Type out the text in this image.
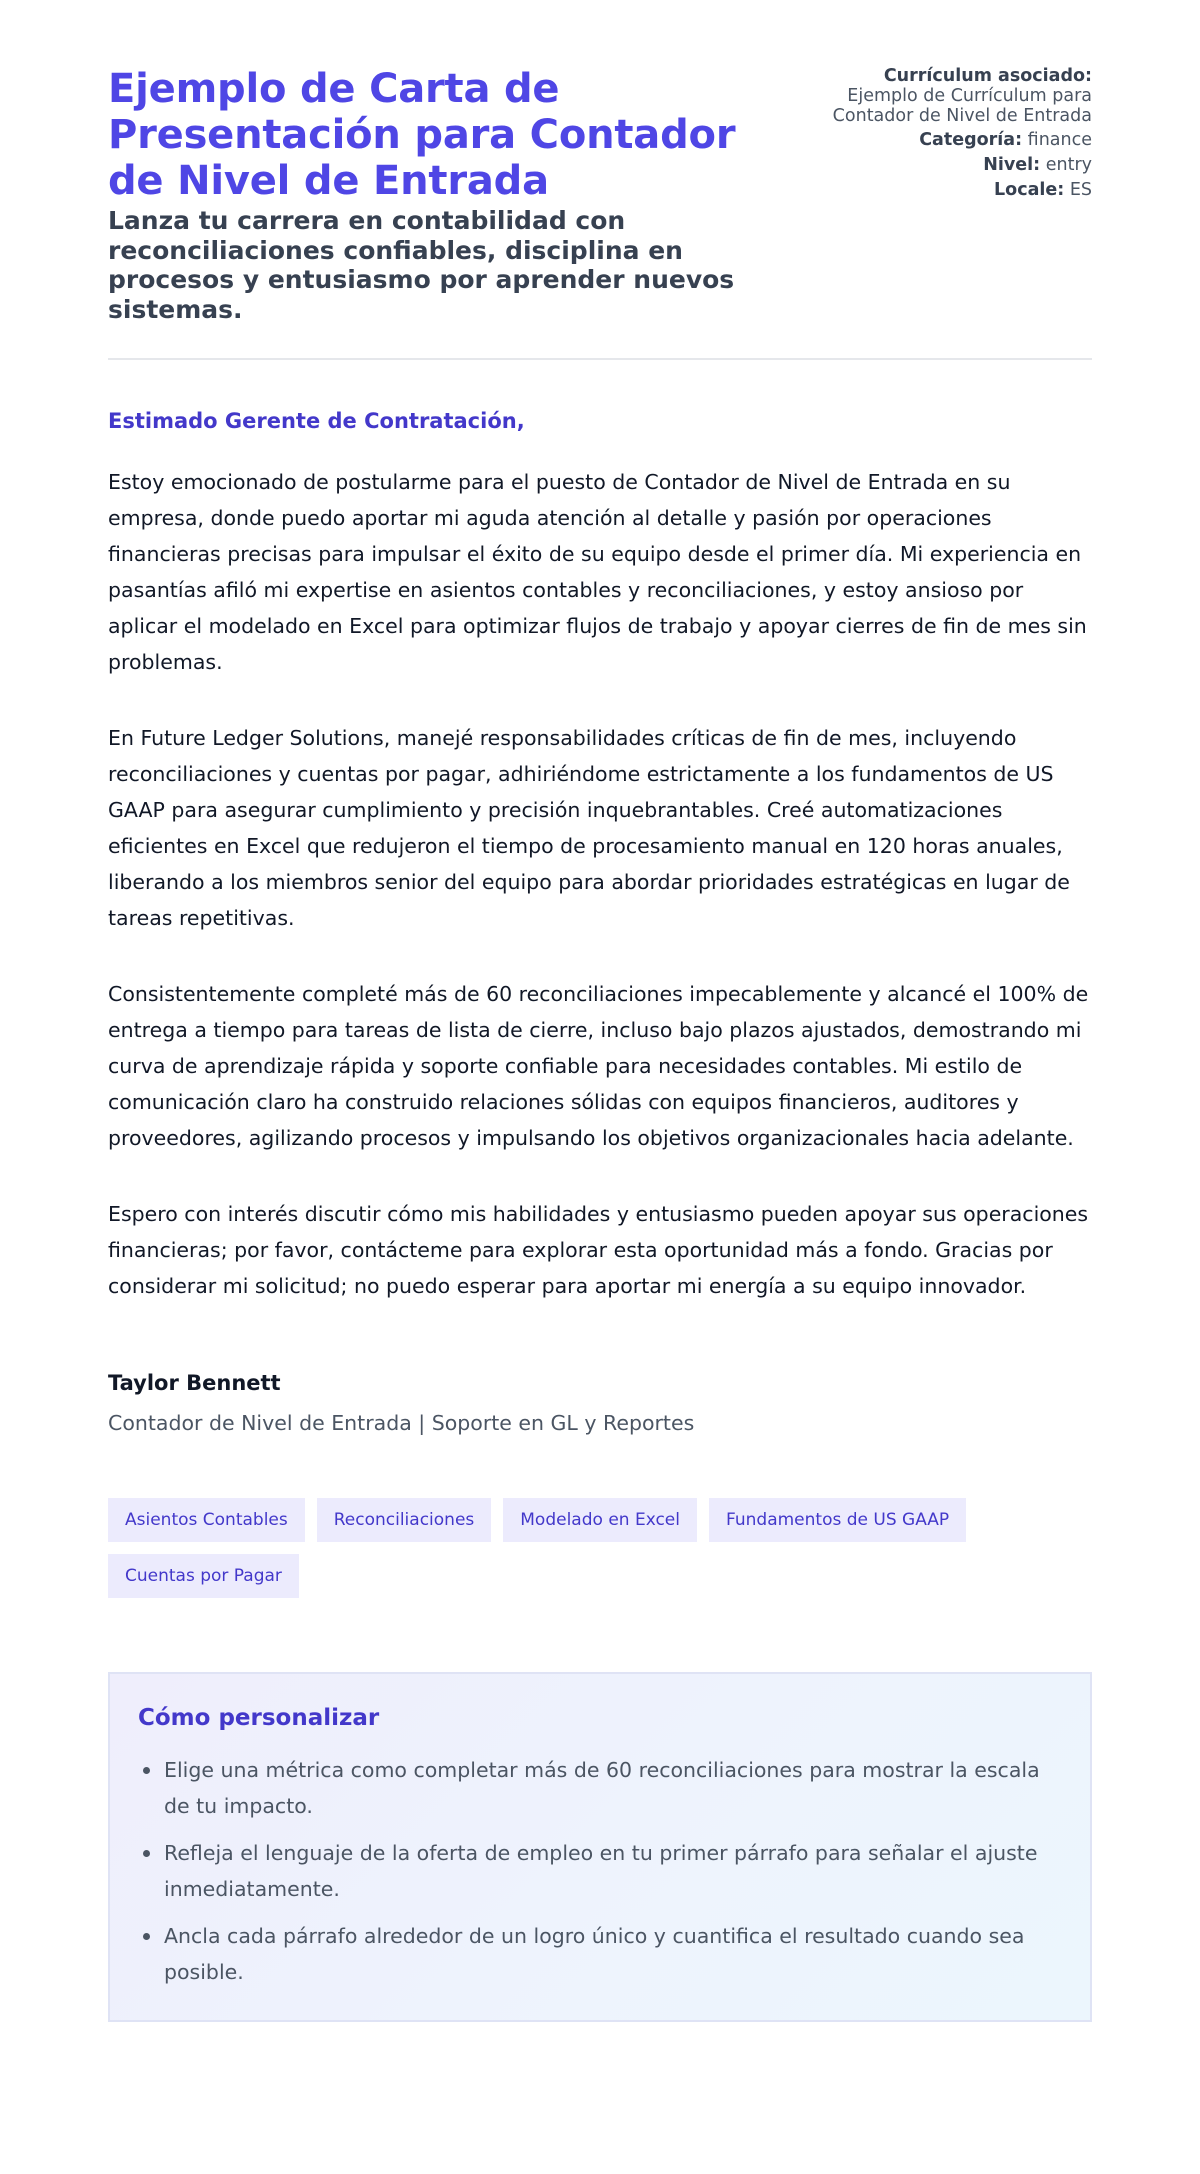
Ejemplo de Carta de Presentación para Contador de Nivel de Entrada
Lanza tu carrera en contabilidad con reconciliaciones confiables, disciplina en procesos y entusiasmo por aprender nuevos sistemas.
Currículum asociado:
Ejemplo de Currículum para Contador de Nivel de Entrada
Categoría: finance
Nivel: entry
Locale: ES
Estimado Gerente de Contratación,

Estoy emocionado de postularme para el puesto de Contador de Nivel de Entrada en su empresa, donde puedo aportar mi aguda atención al detalle y pasión por operaciones financieras precisas para impulsar el éxito de su equipo desde el primer día. Mi experiencia en pasantías afiló mi expertise en asientos contables y reconciliaciones, y estoy ansioso por aplicar el modelado en Excel para optimizar flujos de trabajo y apoyar cierres de fin de mes sin problemas.

En Future Ledger Solutions, manejé responsabilidades críticas de fin de mes, incluyendo reconciliaciones y cuentas por pagar, adhiriéndome estrictamente a los fundamentos de US GAAP para asegurar cumplimiento y precisión inquebrantables. Creé automatizaciones eficientes en Excel que redujeron el tiempo de procesamiento manual en 120 horas anuales, liberando a los miembros senior del equipo para abordar prioridades estratégicas en lugar de tareas repetitivas.

Consistentemente completé más de 60 reconciliaciones impecablemente y alcancé el 100% de entrega a tiempo para tareas de lista de cierre, incluso bajo plazos ajustados, demostrando mi curva de aprendizaje rápida y soporte confiable para necesidades contables. Mi estilo de comunicación claro ha construido relaciones sólidas con equipos financieros, auditores y proveedores, agilizando procesos y impulsando los objetivos organizacionales hacia adelante.

Espero con interés discutir cómo mis habilidades y entusiasmo pueden apoyar sus operaciones financieras; por favor, contácteme para explorar esta oportunidad más a fondo. Gracias por considerar mi solicitud; no puedo esperar para aportar mi energía a su equipo innovador.

Taylor Bennett
Contador de Nivel de Entrada | Soporte en GL y Reportes
Asientos Contables	Reconciliaciones	Modelado en Excel	Fundamentos de US GAAP
Cuentas por Pagar
Cómo personalizar
Elige una métrica como completar más de 60 reconciliaciones para mostrar la escala de tu impacto.
Refleja el lenguaje de la oferta de empleo en tu primer párrafo para señalar el ajuste inmediatamente.
Ancla cada párrafo alrededor de un logro único y cuantifica el resultado cuando sea posible.
